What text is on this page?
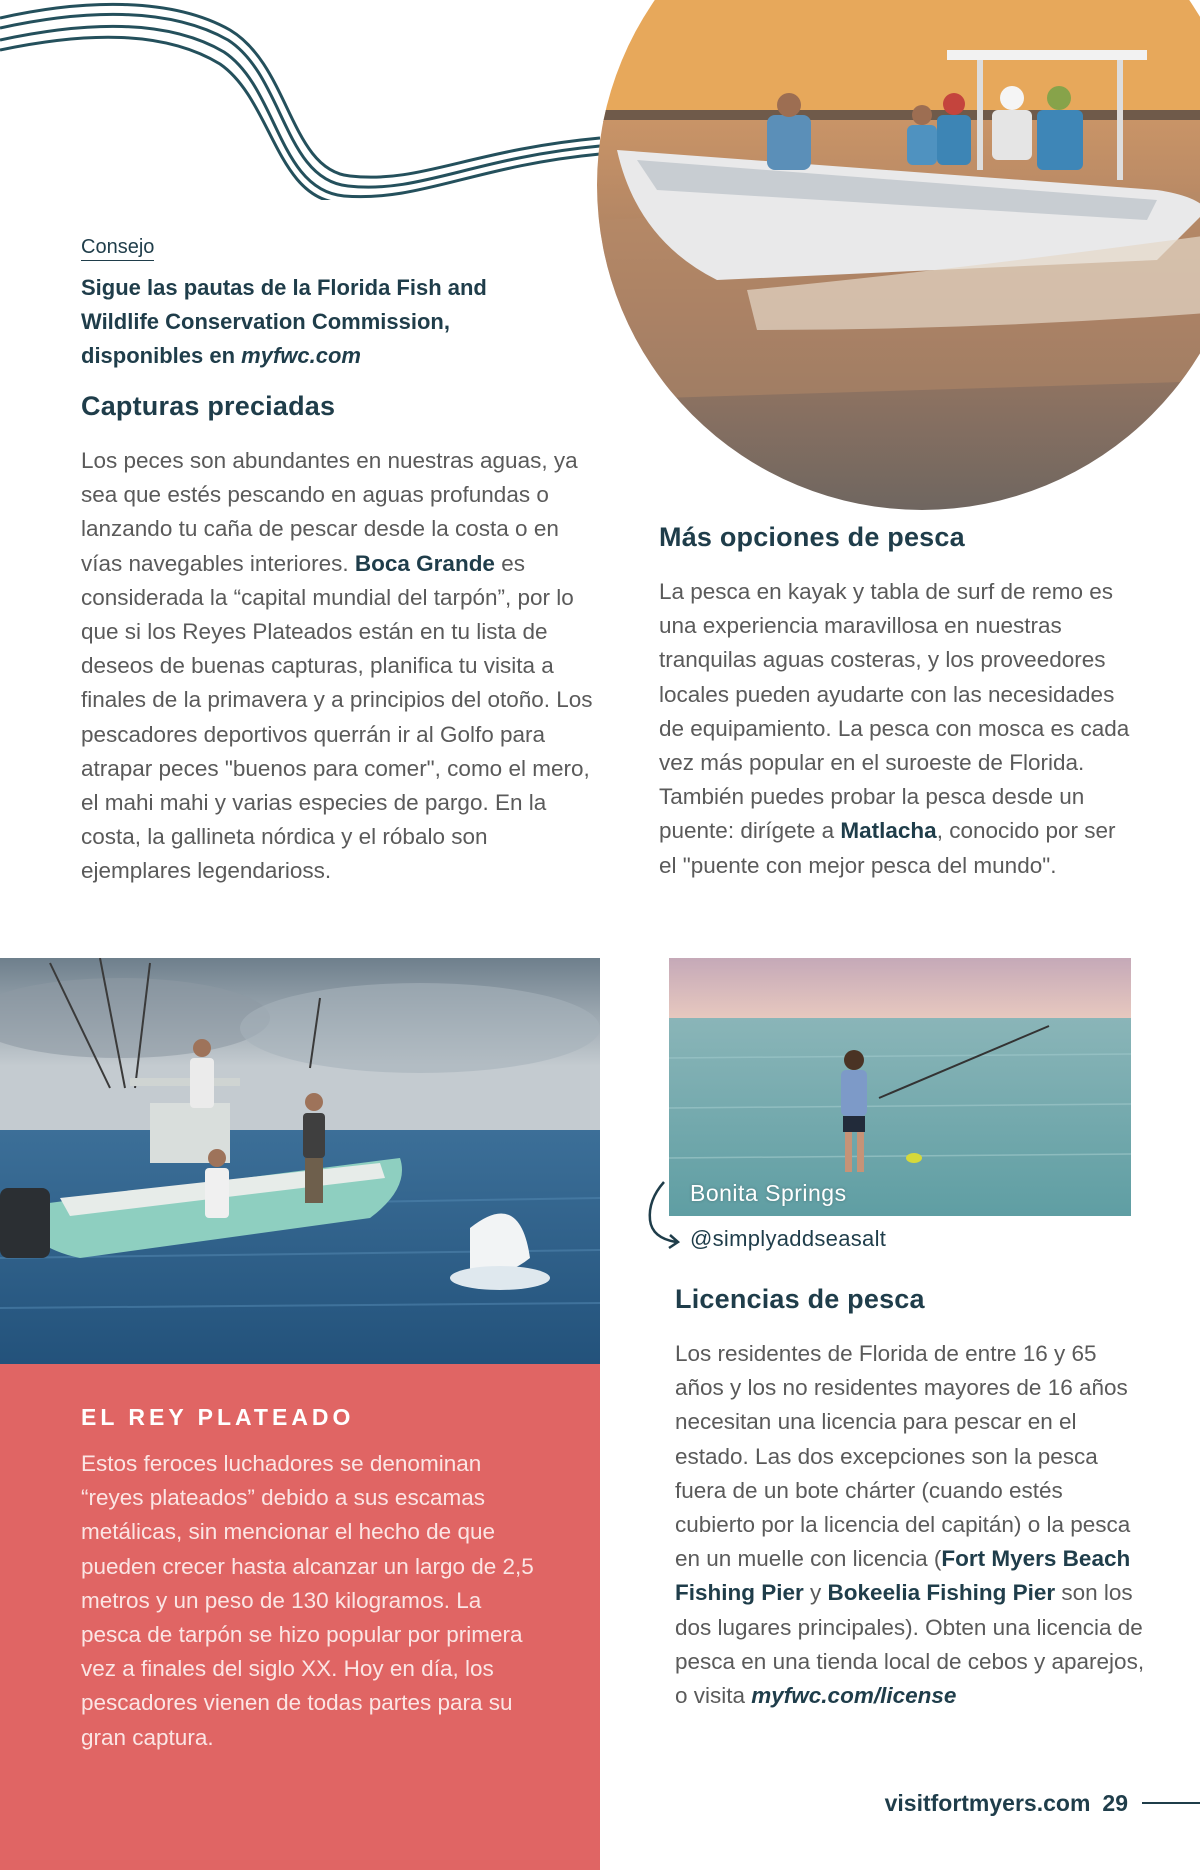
Consejo
Sigue las pautas de la Florida Fish and Wildlife Conservation Commission, disponibles en myfwc.com
Capturas preciadas

Los peces son abundantes en nuestras aguas, ya sea que estés pescando en aguas profundas o lanzando tu caña de pescar desde la costa o en vías navegables interiores. Boca Grande es considerada la “capital mundial del tarpón”, por lo que si los Reyes Plateados están en tu lista de deseos de buenas capturas, planifica tu visita a finales de la primavera y a principios del otoño. Los pescadores deportivos querrán ir al Golfo para atrapar peces "buenos para comer", como el mero, el mahi mahi y varias especies de pargo. En la costa, la gallineta nórdica y el róbalo son ejemplares legendarioss.

Más opciones de pesca

La pesca en kayak y tabla de surf de remo es una experiencia maravillosa en nuestras tranquilas aguas costeras, y los proveedores locales pueden ayudarte con las necesidades de equipamiento. La pesca con mosca es cada vez más popular en el suroeste de Florida. También puedes probar la pesca desde un puente: dirígete a Matlacha, conocido por ser el "puente con mejor pesca del mundo".

EL REY PLATEADO

Estos feroces luchadores se denominan “reyes plateados” debido a sus escamas metálicas, sin mencionar el hecho de que pueden crecer hasta alcanzar un largo de 2,5 metros y un peso de 130 kilogramos. La pesca de tarpón se hizo popular por primera vez a finales del siglo XX. Hoy en día, los pescadores vienen de todas partes para su gran captura.

Bonita Springs
@simplyaddseasalt
Licencias de pesca

Los residentes de Florida de entre 16 y 65 años y los no residentes mayores de 16 años necesitan una licencia para pescar en el estado. Las dos excepciones son la pesca fuera de un bote chárter (cuando estés cubierto por la licencia del capitán) o la pesca en un muelle con licencia (Fort Myers Beach Fishing Pier y Bokeelia Fishing Pier son los dos lugares principales). Obten una licencia de pesca en una tienda local de cebos y aparejos, o visita myfwc.com/license

visitfortmyers.com 29
